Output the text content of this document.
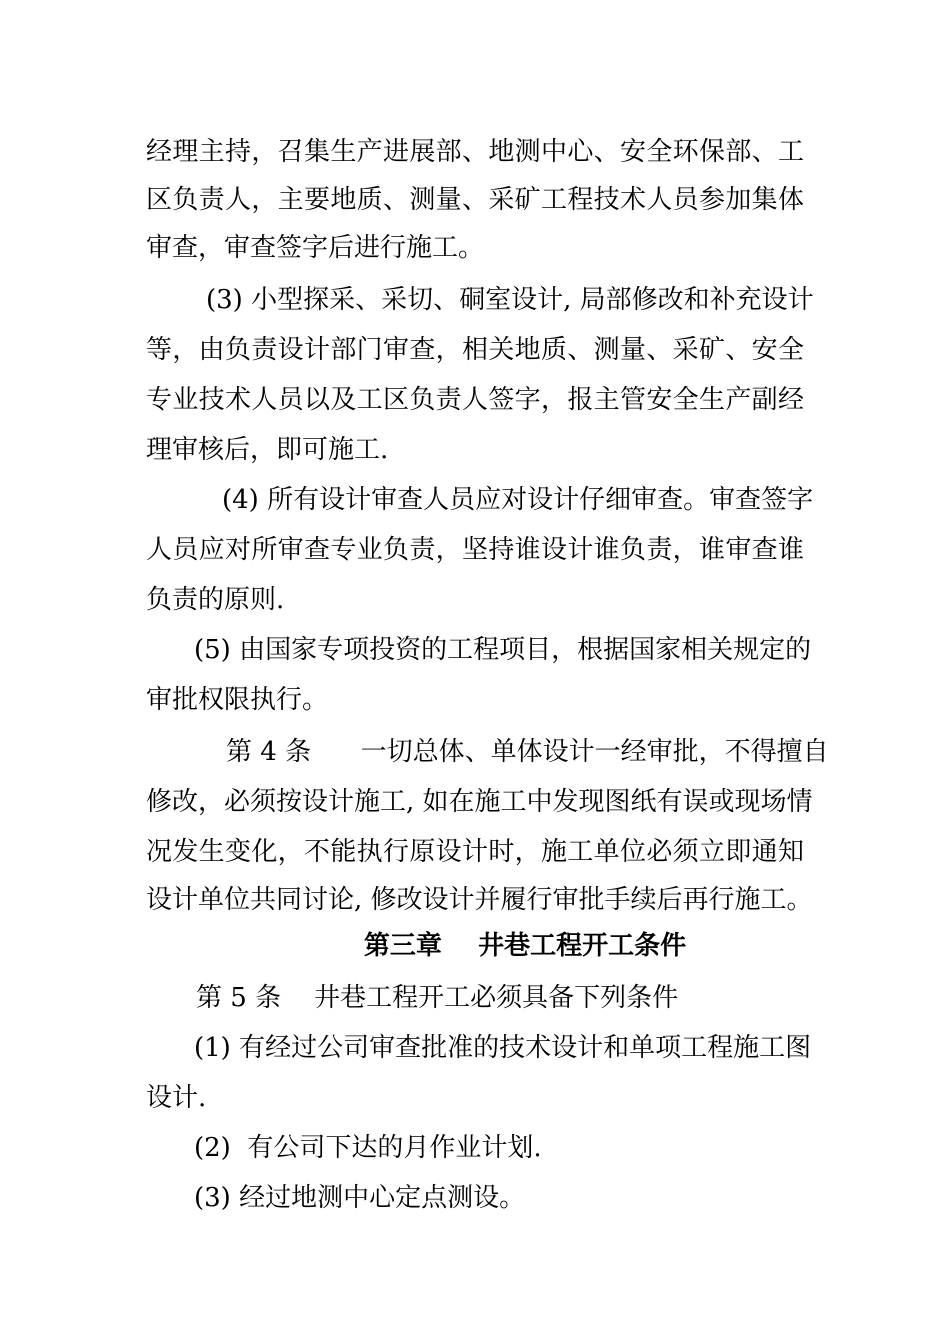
经理主持，召集生产进展部、地测中心、安全环保部、工
区负责人，主要地质、测量、采矿工程技术人员参加集体
审查，审查签字后进行施工。
(3) 小型探采、采切、硐室设计, 局部修改和补充设计
等，由负责设计部门审查，相关地质、测量、采矿、安全
专业技术人员以及工区负责人签字，报主管安全生产副经
理审核后，即可施工.
(4) 所有设计审查人员应对设计仔细审查。审查签字
人员应对所审查专业负责，坚持谁设计谁负责，谁审查谁
负责的原则.
(5) 由国家专项投资的工程项目，根据国家相关规定的
审批权限执行。
第 4 条      一切总体、单体设计一经审批，不得擅自
修改，必须按设计施工, 如在施工中发现图纸有误或现场情
况发生变化，不能执行原设计时，施工单位必须立即通知
设计单位共同讨论, 修改设计并履行审批手续后再行施工。
第三章    井巷工程开工条件
第 5 条    井巷工程开工必须具备下列条件
(1) 有经过公司审查批准的技术设计和单项工程施工图
设计.
(2)  有公司下达的月作业计划.
(3) 经过地测中心定点测设。
